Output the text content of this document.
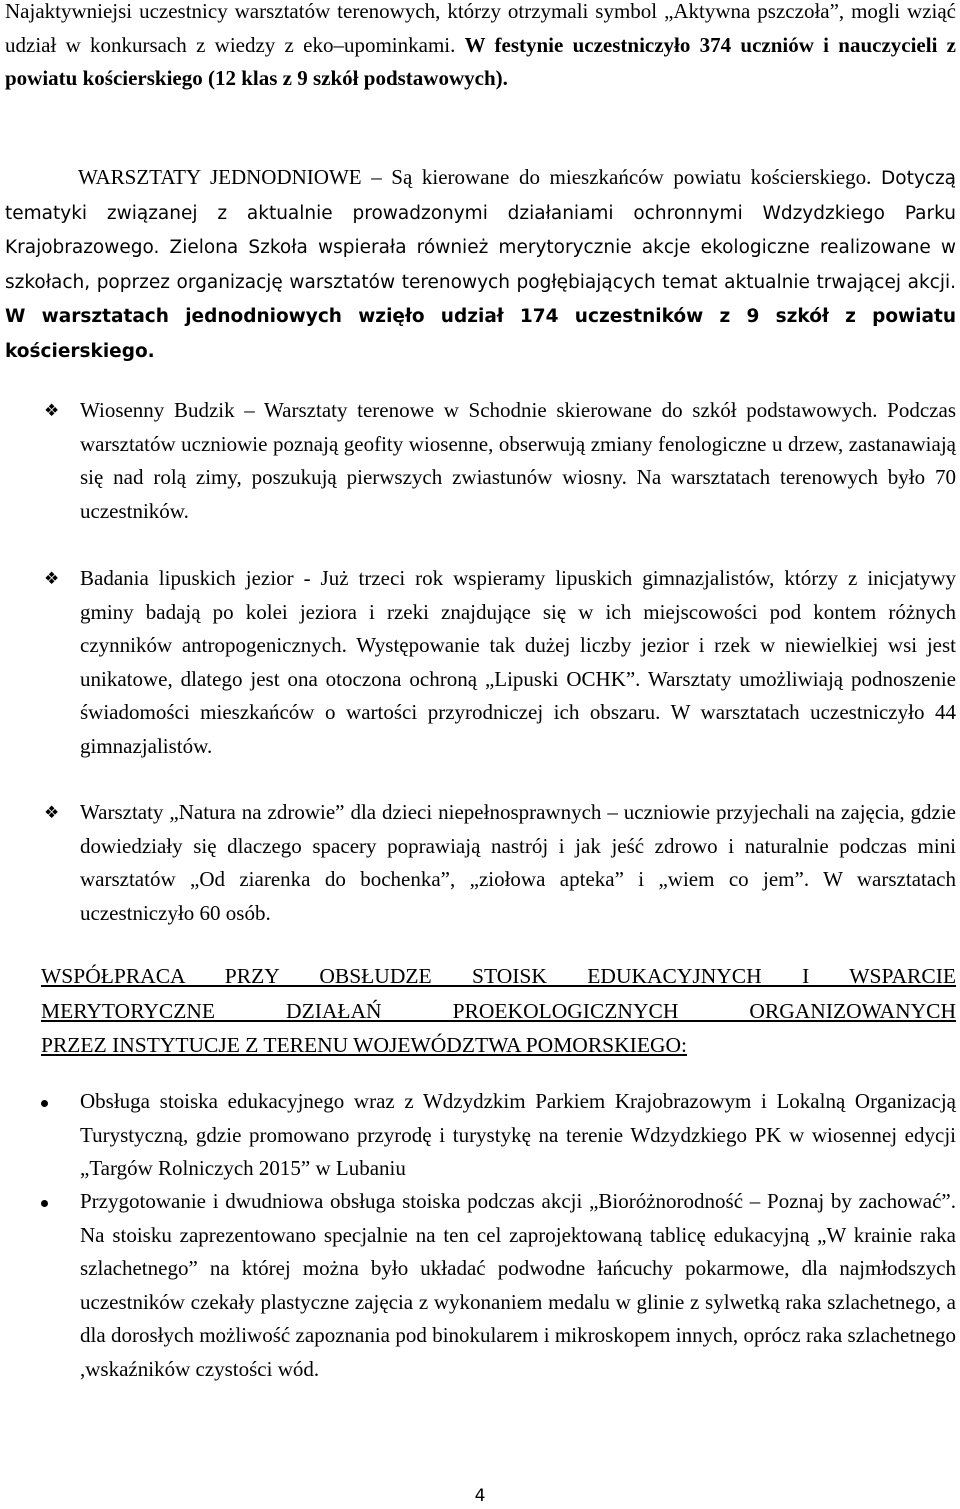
Najaktywniejsi uczestnicy warsztatów terenowych, którzy otrzymali symbol „Aktywna pszczoła”, mogli wziąć udział w konkursach z wiedzy z eko–upominkami. W festynie uczestniczyło 374 uczniów i nauczycieli z powiatu kościerskiego (12 klas z 9 szkół podstawowych).
WARSZTATY JEDNODNIOWE – Są kierowane do mieszkańców powiatu kościerskiego. Dotyczą tematyki związanej z aktualnie prowadzonymi działaniami ochronnymi Wdzydzkiego Parku Krajobrazowego. Zielona Szkoła wspierała również merytorycznie akcje ekologiczne realizowane w szkołach, poprzez organizację warsztatów terenowych pogłębiających temat aktualnie trwającej akcji. W warsztatach jednodniowych wzięło udział 174 uczestników z 9 szkół z powiatu kościerskiego.
❖ Wiosenny Budzik – Warsztaty terenowe w Schodnie skierowane do szkół podstawowych. Podczas warsztatów uczniowie poznają geofity wiosenne, obserwują zmiany fenologiczne u drzew, zastanawiają się nad rolą zimy, poszukują pierwszych zwiastunów wiosny. Na warsztatach terenowych było 70 uczestników.
❖ Badania lipuskich jezior - Już trzeci rok wspieramy lipuskich gimnazjalistów, którzy z inicjatywy gminy badają po kolei jeziora i rzeki znajdujące się w ich miejscowości pod kontem różnych czynników antropogenicznych. Występowanie tak dużej liczby jezior i rzek w niewielkiej wsi jest unikatowe, dlatego jest ona otoczona ochroną „Lipuski OCHK”. Warsztaty umożliwiają podnoszenie świadomości mieszkańców o wartości przyrodniczej ich obszaru. W warsztatach uczestniczyło 44 gimnazjalistów.
❖ Warsztaty „Natura na zdrowie” dla dzieci niepełnosprawnych – uczniowie przyjechali na zajęcia, gdzie dowiedziały się dlaczego spacery poprawiają nastrój i jak jeść zdrowo i naturalnie podczas mini warsztatów „Od ziarenka do bochenka”, „ziołowa apteka” i „wiem co jem”. W warsztatach uczestniczyło 60 osób.
WSPÓŁPRACA PRZY OBSŁUDZE STOISK EDUKACYJNYCH I WSPARCIE
MERYTORYCZNE DZIAŁAŃ PROEKOLOGICZNYCH ORGANIZOWANYCH
PRZEZ INSTYTUCJE Z TERENU WOJEWÓDZTWA POMORSKIEGO:
Obsługa stoiska edukacyjnego wraz z Wdzydzkim Parkiem Krajobrazowym i Lokalną Organizacją Turystyczną, gdzie promowano przyrodę i turystykę na terenie Wdzydzkiego PK w wiosennej edycji „Targów Rolniczych 2015” w Lubaniu
Przygotowanie i dwudniowa obsługa stoiska podczas akcji „Bioróżnorodność – Poznaj by zachować”. Na stoisku zaprezentowano specjalnie na ten cel zaprojektowaną tablicę edukacyjną „W krainie raka szlachetnego” na której można było układać podwodne łańcuchy pokarmowe, dla najmłodszych uczestników czekały plastyczne zajęcia z wykonaniem medalu w glinie z sylwetką raka szlachetnego, a dla dorosłych możliwość zapoznania pod binokularem i mikroskopem innych, oprócz raka szlachetnego ,wskaźników czystości wód.
4
